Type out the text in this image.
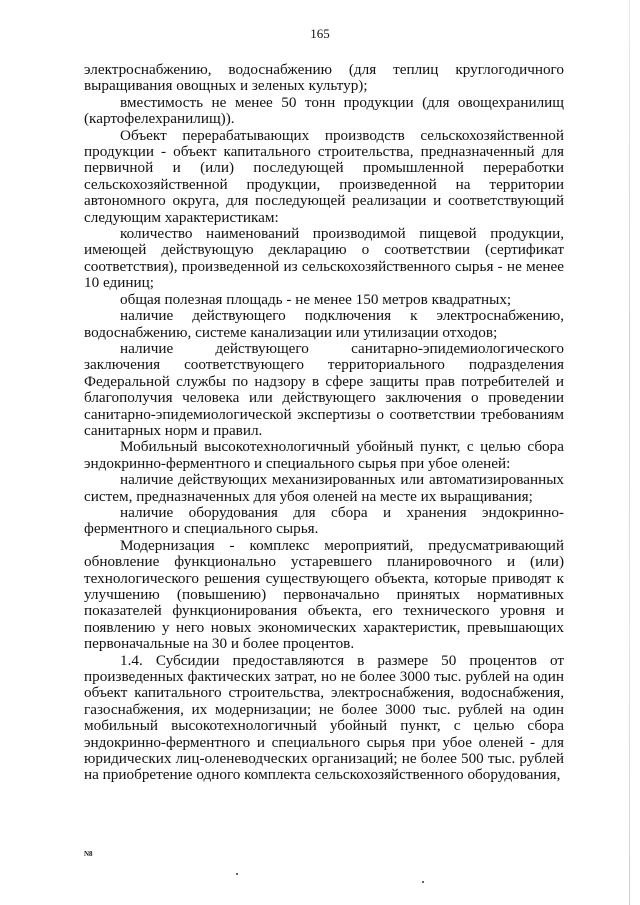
165

электроснабжению, водоснабжению (для теплиц круглогодичного выращивания овощных и зеленых культур);

вместимость не менее 50 тонн продукции (для овощехранилищ (картофелехранилищ)).

Объект перерабатывающих производств сельскохозяйственной продукции - объект капитального строительства, предназначенный для первичной и (или) последующей промышленной переработки сельскохозяйственной продукции, произведенной на территории автономного округа, для последующей реализации и соответствующий следующим характеристикам:

количество наименований производимой пищевой продукции, имеющей действующую декларацию о соответствии (сертификат соответствия), произведенной из сельскохозяйственного сырья - не менее 10 единиц;

общая полезная площадь - не менее 150 метров квадратных;

наличие действующего подключения к электроснабжению, водоснабжению, системе канализации или утилизации отходов;

наличие действующего санитарно-эпидемиологического заключения соответствующего территориального подразделения Федеральной службы по надзору в сфере защиты прав потребителей и благополучия человека или действующего заключения о проведении санитарно-эпидемиологической экспертизы о соответствии требованиям санитарных норм и правил.

Мобильный высокотехнологичный убойный пункт, с целью сбора эндокринно-ферментного и специального сырья при убое оленей:

наличие действующих механизированных или автоматизированных систем, предназначенных для убоя оленей на месте их выращивания;

наличие оборудования для сбора и хранения эндокринно-ферментного и специального сырья.

Модернизация - комплекс мероприятий, предусматривающий обновление функционально устаревшего планировочного и (или) технологического решения существующего объекта, которые приводят к улучшению (повышению) первоначально принятых нормативных показателей функционирования объекта, его технического уровня и появлению у него новых экономических характеристик, превышающих первоначальные на 30 и более процентов.

1.4. Субсидии предоставляются в размере 50 процентов от произведенных фактических затрат, но не более 3000 тыс. рублей на один объект капитального строительства, электроснабжения, водоснабжения, газоснабжения, их модернизации; не более 3000 тыс. рублей на один мобильный высокотехнологичный убойный пункт, с целью сбора эндокринно-ферментного и специального сырья при убое оленей - для юридических лиц-оленеводческих организаций; не более 500 тыс. рублей на приобретение одного комплекта сельскохозяйственного оборудования,

N8
